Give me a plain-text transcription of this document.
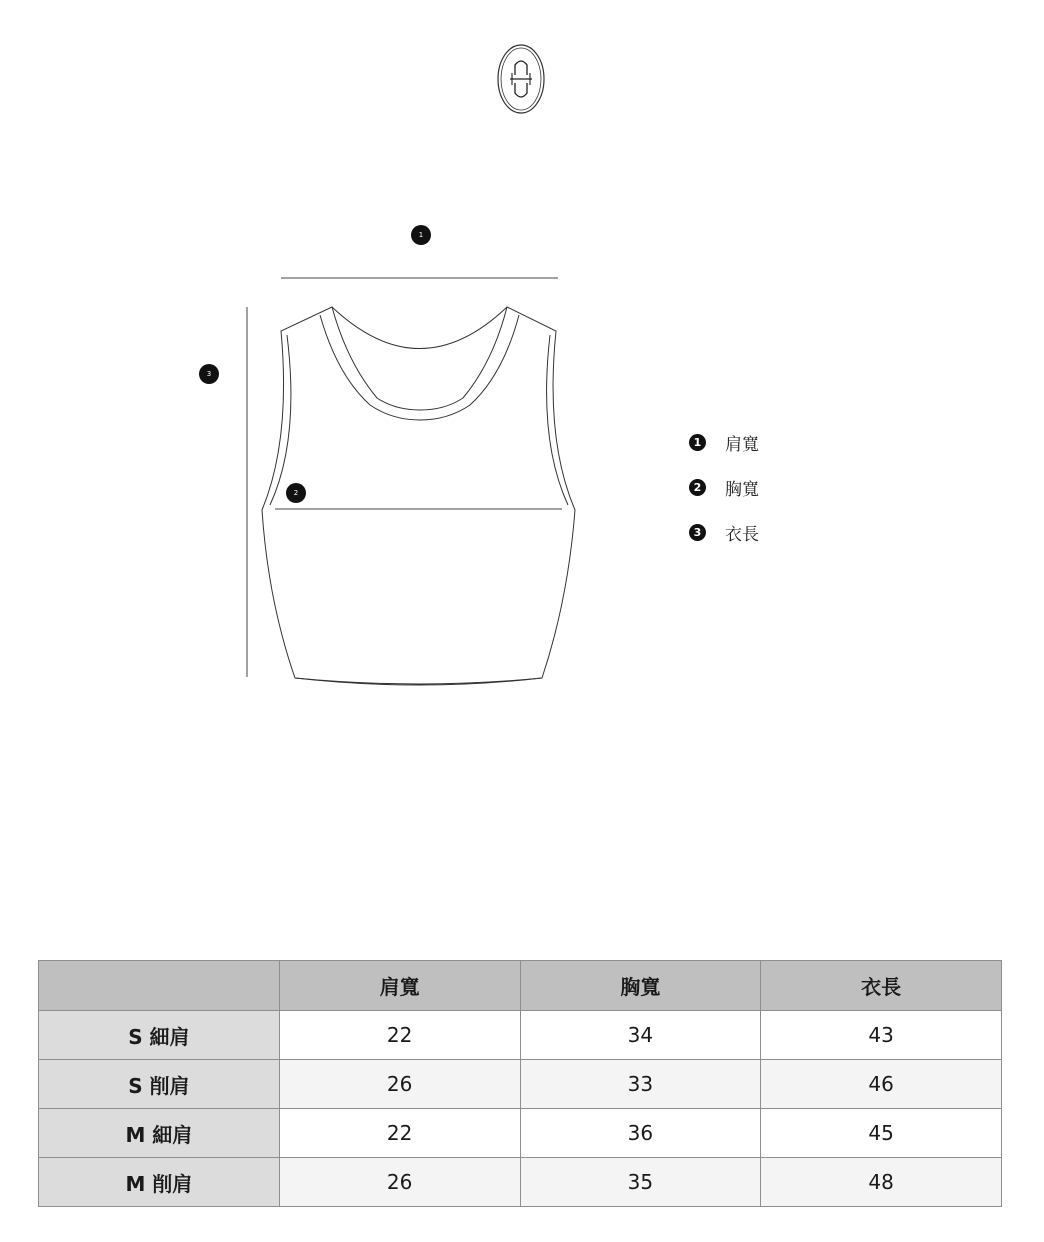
1
2
3
1 肩寬
2 胸寬
3 衣長
	肩寬	胸寬	衣長
S 細肩	22	34	43
S 削肩	26	33	46
M 細肩	22	36	45
M 削肩	26	35	48
